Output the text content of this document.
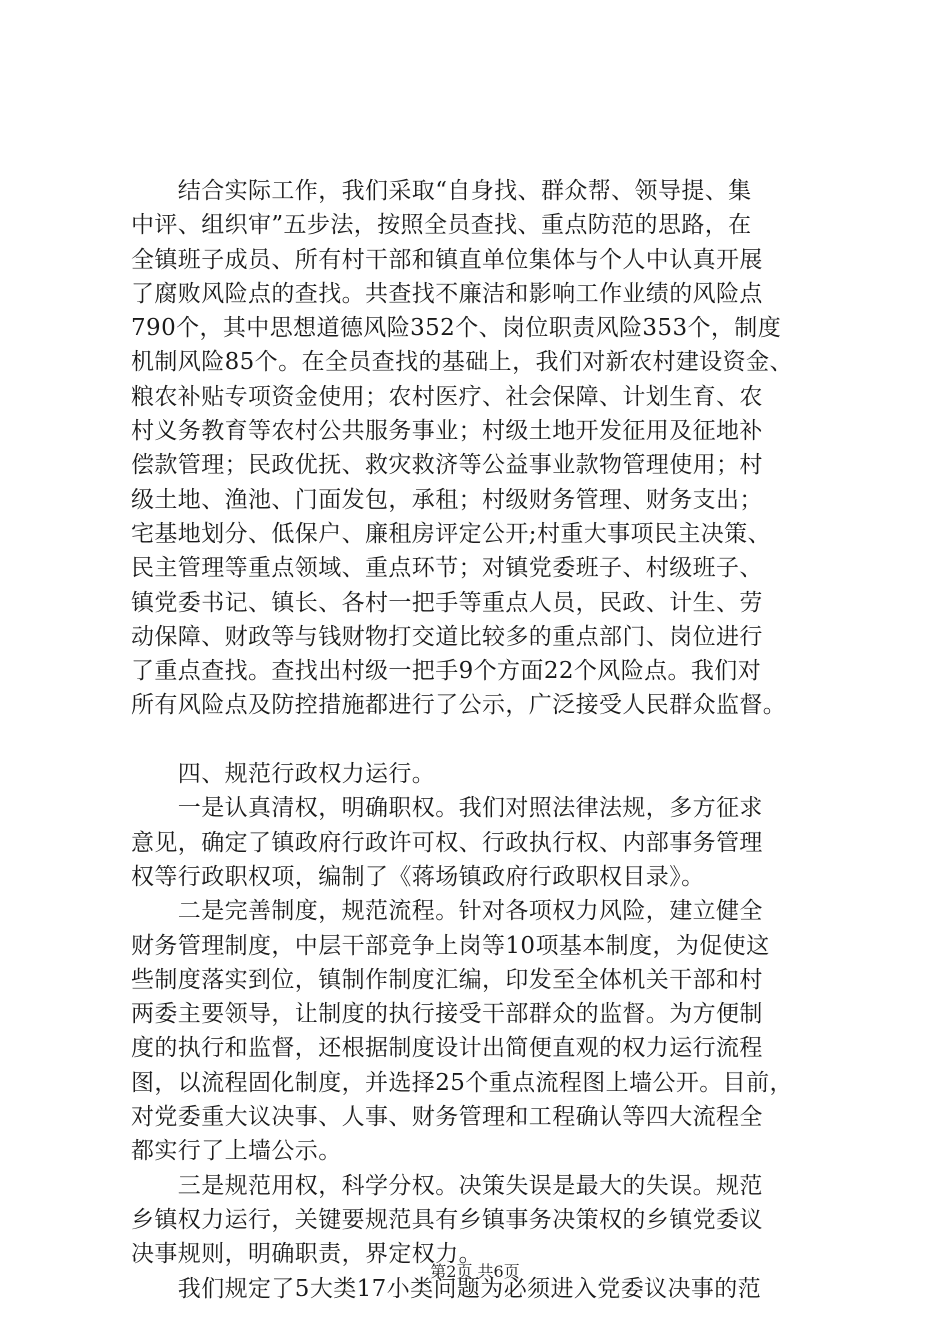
　　结合实际工作，我们采取“自身找、群众帮、领导提、集
中评、组织审”五步法，按照全员查找、重点防范的思路，在
全镇班子成员、所有村干部和镇直单位集体与个人中认真开展
了腐败风险点的查找。共查找不廉洁和影响工作业绩的风险点
790个，其中思想道德风险352个、岗位职责风险353个，制度
机制风险85个。在全员查找的基础上，我们对新农村建设资金、
粮农补贴专项资金使用；农村医疗、社会保障、计划生育、农
村义务教育等农村公共服务事业；村级土地开发征用及征地补
偿款管理；民政优抚、救灾救济等公益事业款物管理使用；村
级土地、渔池、门面发包，承租；村级财务管理、财务支出；
宅基地划分、低保户、廉租房评定公开;村重大事项民主决策、
民主管理等重点领域、重点环节；对镇党委班子、村级班子、
镇党委书记、镇长、各村一把手等重点人员，民政、计生、劳
动保障、财政等与钱财物打交道比较多的重点部门、岗位进行
了重点查找。查找出村级一把手9个方面22个风险点。我们对
所有风险点及防控措施都进行了公示，广泛接受人民群众监督。
　　四、规范行政权力运行。
　　一是认真清权，明确职权。我们对照法律法规，多方征求
意见，确定了镇政府行政许可权、行政执行权、内部事务管理
权等行政职权项，编制了《蒋场镇政府行政职权目录》。
　　二是完善制度，规范流程。针对各项权力风险，建立健全
财务管理制度，中层干部竞争上岗等10项基本制度，为促使这
些制度落实到位，镇制作制度汇编，印发至全体机关干部和村
两委主要领导，让制度的执行接受干部群众的监督。为方便制
度的执行和监督，还根据制度设计出简便直观的权力运行流程
图，以流程固化制度，并选择25个重点流程图上墙公开。目前，
对党委重大议决事、人事、财务管理和工程确认等四大流程全
都实行了上墙公示。
　　三是规范用权，科学分权。决策失误是最大的失误。规范
乡镇权力运行，关键要规范具有乡镇事务决策权的乡镇党委议
决事规则，明确职责，界定权力。
　　我们规定了5大类17小类问题为必须进入党委议决事的范
第2页 共6页
